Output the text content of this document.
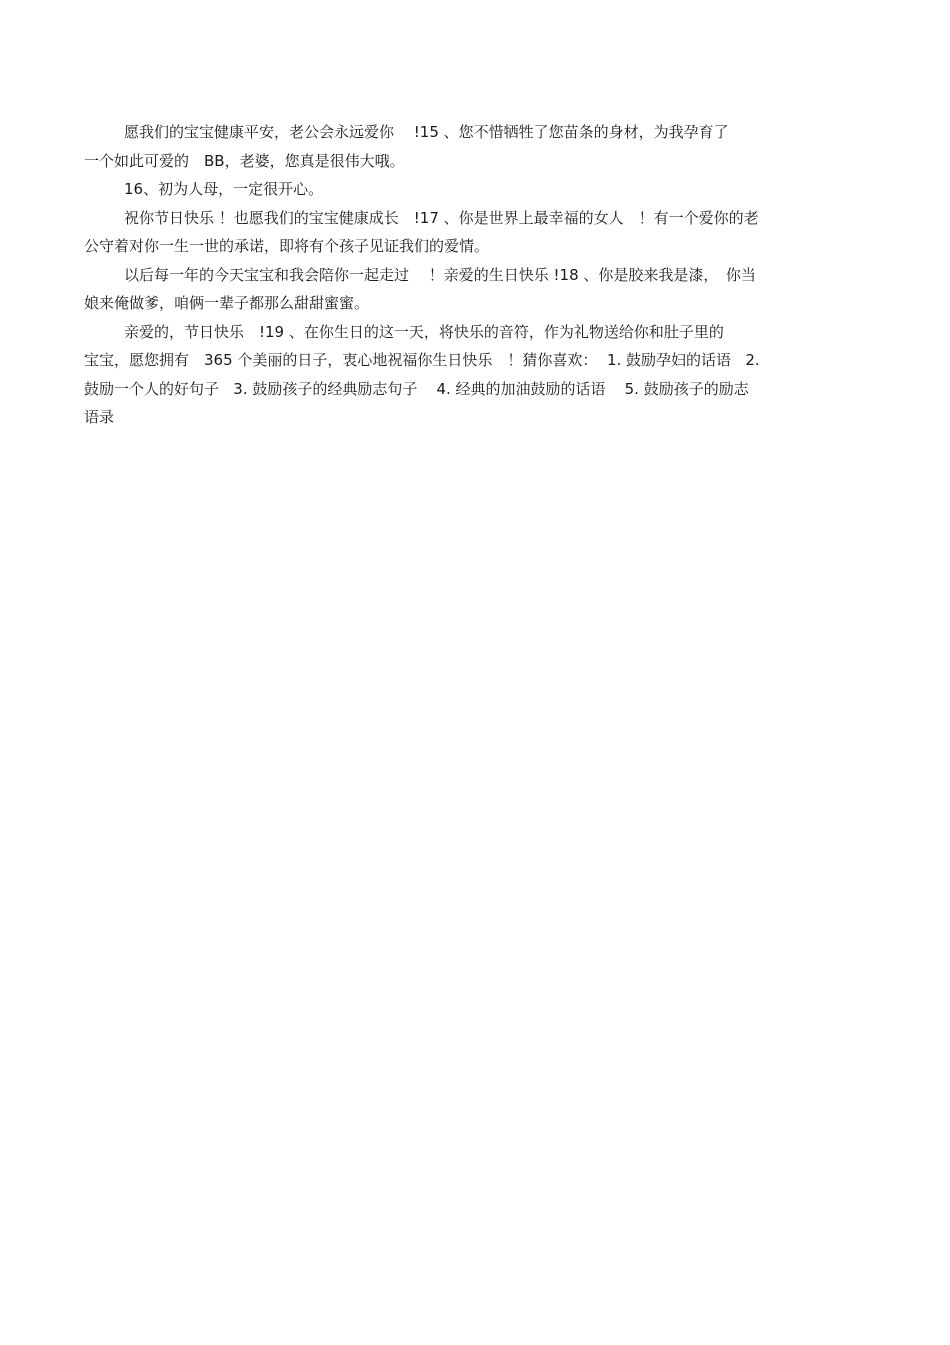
愿我们的宝宝健康平安，老公会永远爱你　 !15 、您不惜牺牲了您苗条的身材，为我孕育了
一个如此可爱的　BB，老婆，您真是很伟大哦。
16、初为人母，一定很开心。
祝你节日快乐 ！也愿我们的宝宝健康成长　!17 、你是世界上最幸福的女人　！有一个爱你的老
公守着对你一生一世的承诺，即将有个孩子见证我们的爱情。
以后每一年的今天宝宝和我会陪你一起走过　 ！亲爱的生日快乐 !18 、你是胶来我是漆，　你当
娘来俺做爹，咱俩一辈子都那么甜甜蜜蜜。
亲爱的，节日快乐　!19 、在你生日的这一天，将快乐的音符，作为礼物送给你和肚子里的
宝宝，愿您拥有　365 个美丽的日子，衷心地祝福你生日快乐　！猜你喜欢：  1. 鼓励孕妇的话语   2.
鼓励一个人的好句子   3. 鼓励孩子的经典励志句子    4. 经典的加油鼓励的话语    5. 鼓励孩子的励志
语录
